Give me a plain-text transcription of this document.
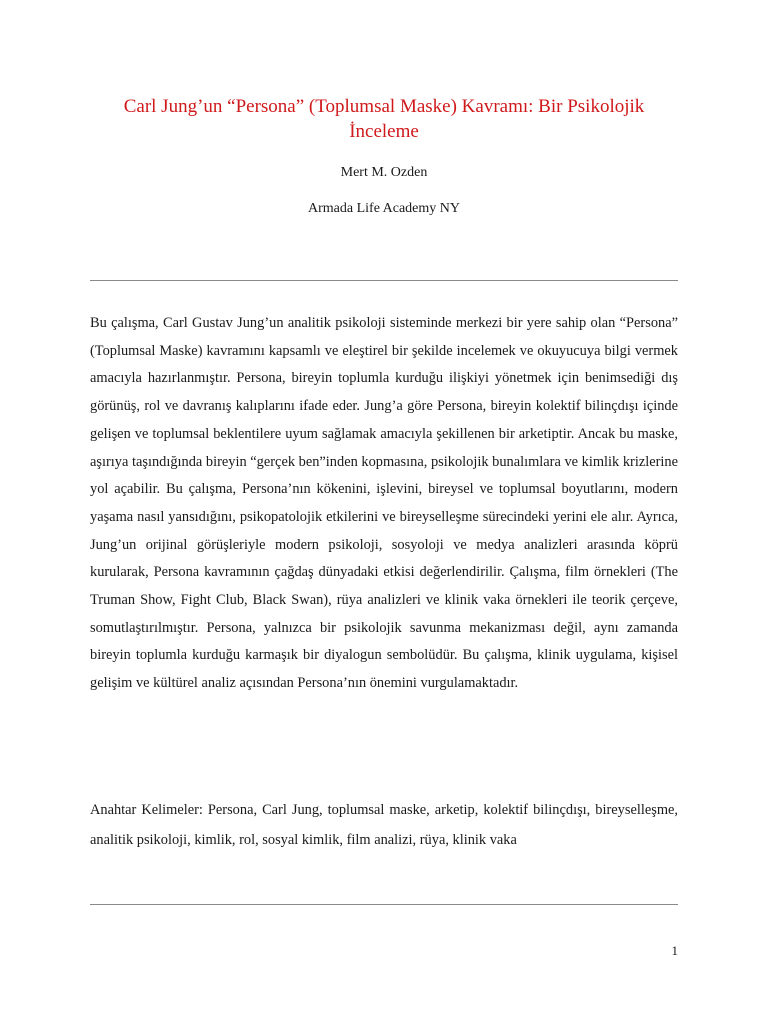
Carl Jung’un “Persona” (Toplumsal Maske) Kavramı: Bir Psikolojik İnceleme

Mert M. Ozden

Armada Life Academy NY

Bu çalışma, Carl Gustav Jung’un analitik psikoloji sisteminde merkezi bir yere sahip olan “Persona” (Toplumsal Maske) kavramını kapsamlı ve eleştirel bir şekilde incelemek ve okuyucuya bilgi vermek amacıyla hazırlanmıştır. Persona, bireyin toplumla kurduğu ilişkiyi yönetmek için benimsediği dış görünüş, rol ve davranış kalıplarını ifade eder. Jung’a göre Persona, bireyin kolektif bilinçdışı içinde gelişen ve toplumsal beklentilere uyum sağlamak amacıyla şekillenen bir arketiptir. Ancak bu maske, aşırıya taşındığında bireyin “gerçek ben”inden kopmasına, psikolojik bunalımlara ve kimlik krizlerine yol açabilir. Bu çalışma, Persona’nın kökenini, işlevini, bireysel ve toplumsal boyutlarını, modern yaşama nasıl yansıdığını, psikopatolojik etkilerini ve bireyselleşme sürecindeki yerini ele alır. Ayrıca, Jung’un orijinal görüşleriyle modern psikoloji, sosyoloji ve medya analizleri arasında köprü kurularak, Persona kavramının çağdaş dünyadaki etkisi değerlendirilir. Çalışma, film örnekleri (The Truman Show, Fight Club, Black Swan), rüya analizleri ve klinik vaka örnekleri ile teorik çerçeve, somutlaştırılmıştır. Persona, yalnızca bir psikolojik savunma mekanizması değil, aynı zamanda bireyin toplumla kurduğu karmaşık bir diyalogun sembolüdür. Bu çalışma, klinik uygulama, kişisel gelişim ve kültürel analiz açısından Persona’nın önemini vurgulamaktadır.

Anahtar Kelimeler: Persona, Carl Jung, toplumsal maske, arketip, kolektif bilinçdışı, bireyselleşme, analitik psikoloji, kimlik, rol, sosyal kimlik, film analizi, rüya, klinik vaka

1
